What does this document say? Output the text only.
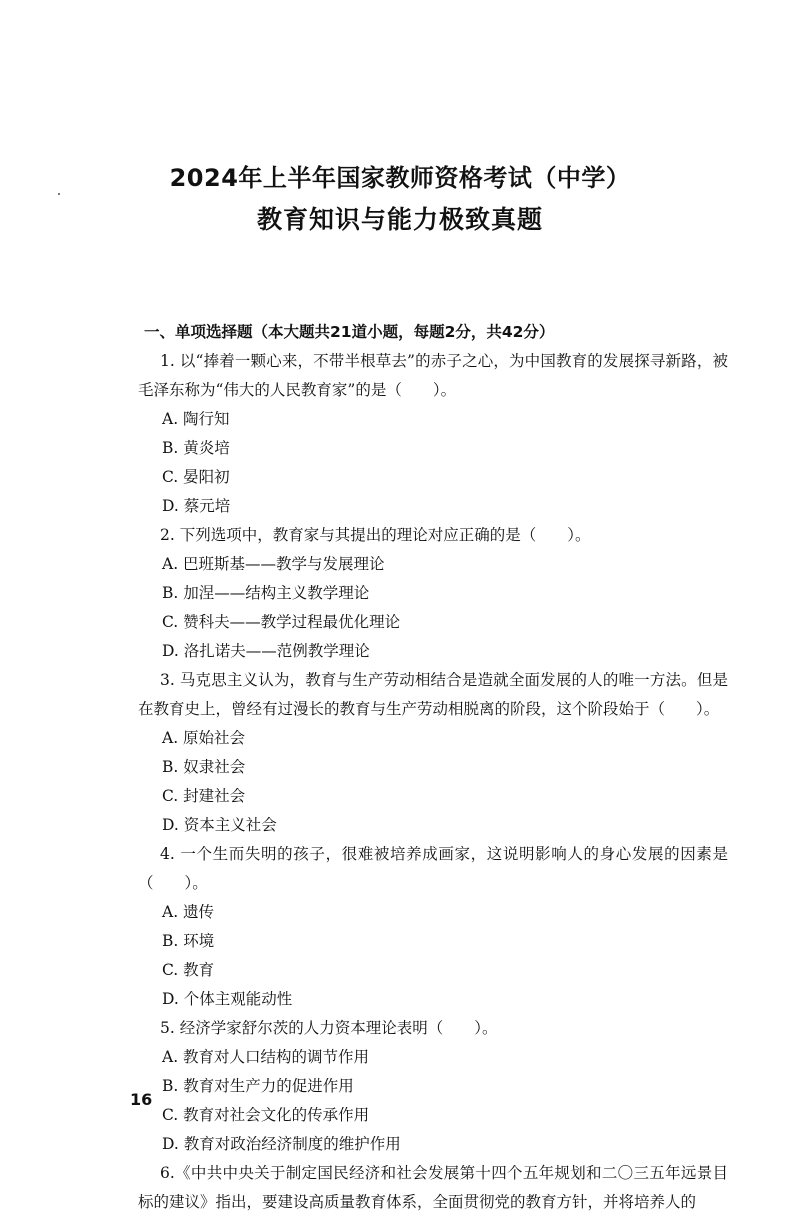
2024年上半年国家教师资格考试（中学）
教育知识与能力极致真题
一、单项选择题（本大题共21道小题，每题2分，共42分）
1. 以“捧着一颗心来，不带半根草去”的赤子之心，为中国教育的发展探寻新路，被毛泽东称为“伟大的人民教育家”的是（　　）。
A. 陶行知
B. 黄炎培
C. 晏阳初
D. 蔡元培
2. 下列选项中，教育家与其提出的理论对应正确的是（　　）。
A. 巴班斯基——教学与发展理论
B. 加涅——结构主义教学理论
C. 赞科夫——教学过程最优化理论
D. 洛扎诺夫——范例教学理论
3. 马克思主义认为，教育与生产劳动相结合是造就全面发展的人的唯一方法。但是在教育史上，曾经有过漫长的教育与生产劳动相脱离的阶段，这个阶段始于（　　）。
A. 原始社会
B. 奴隶社会
C. 封建社会
D. 资本主义社会
4. 一个生而失明的孩子，很难被培养成画家，这说明影响人的身心发展的因素是（　　）。
A. 遗传
B. 环境
C. 教育
D. 个体主观能动性
5. 经济学家舒尔茨的人力资本理论表明（　　）。
A. 教育对人口结构的调节作用
B. 教育对生产力的促进作用
C. 教育对社会文化的传承作用
D. 教育对政治经济制度的维护作用
6.《中共中央关于制定国民经济和社会发展第十四个五年规划和二〇三五年远景目标的建议》指出，要建设高质量教育体系，全面贯彻党的教育方针，并将培养人的
16
